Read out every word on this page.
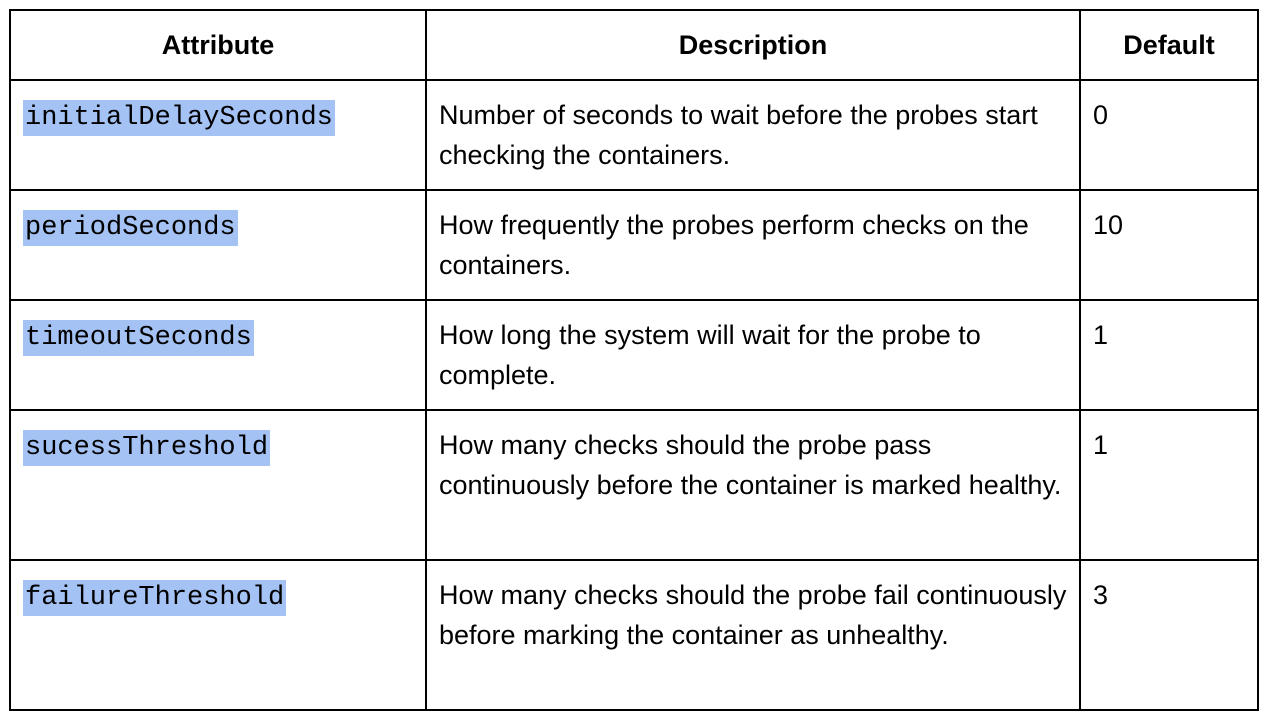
Attribute	Description	Default
initialDelaySeconds	Number of seconds to wait before the probes start checking the containers.	0
periodSeconds	How frequently the probes perform checks on the containers.	10
timeoutSeconds	How long the system will wait for the probe to complete.	1
sucessThreshold	How many checks should the probe pass continuously before the container is marked healthy.	1
failureThreshold	How many checks should the probe fail continuously before marking the container as unhealthy.	3
